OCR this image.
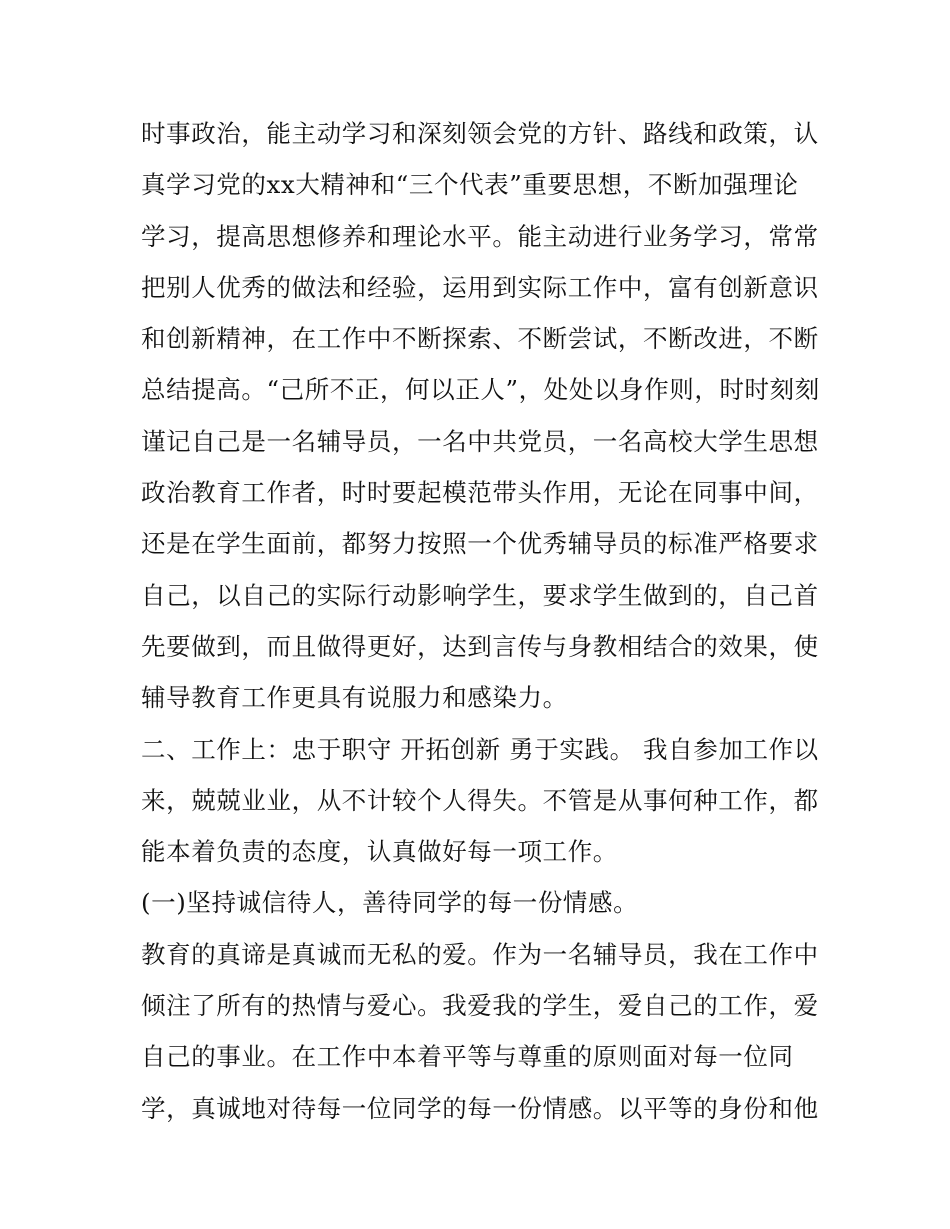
时事政治，能主动学习和深刻领会党的方针、路线和政策，认
真学习党的xx大精神和“三个代表”重要思想，不断加强理论
学习，提高思想修养和理论水平。能主动进行业务学习，常常
把别人优秀的做法和经验，运用到实际工作中，富有创新意识
和创新精神，在工作中不断探索、不断尝试，不断改进，不断
总结提高。“己所不正，何以正人”，处处以身作则，时时刻刻
谨记自己是一名辅导员，一名中共党员，一名高校大学生思想
政治教育工作者，时时要起模范带头作用，无论在同事中间，
还是在学生面前，都努力按照一个优秀辅导员的标准严格要求
自己，以自己的实际行动影响学生，要求学生做到的，自己首
先要做到，而且做得更好，达到言传与身教相结合的效果，使
辅导教育工作更具有说服力和感染力。
二、工作上：忠于职守 开拓创新 勇于实践。 我自参加工作以
来，兢兢业业，从不计较个人得失。不管是从事何种工作，都
能本着负责的态度，认真做好每一项工作。
(一)坚持诚信待人，善待同学的每一份情感。
教育的真谛是真诚而无私的爱。作为一名辅导员，我在工作中
倾注了所有的热情与爱心。我爱我的学生，爱自己的工作，爱
自己的事业。在工作中本着平等与尊重的原则面对每一位同
学，真诚地对待每一位同学的每一份情感。以平等的身份和他
